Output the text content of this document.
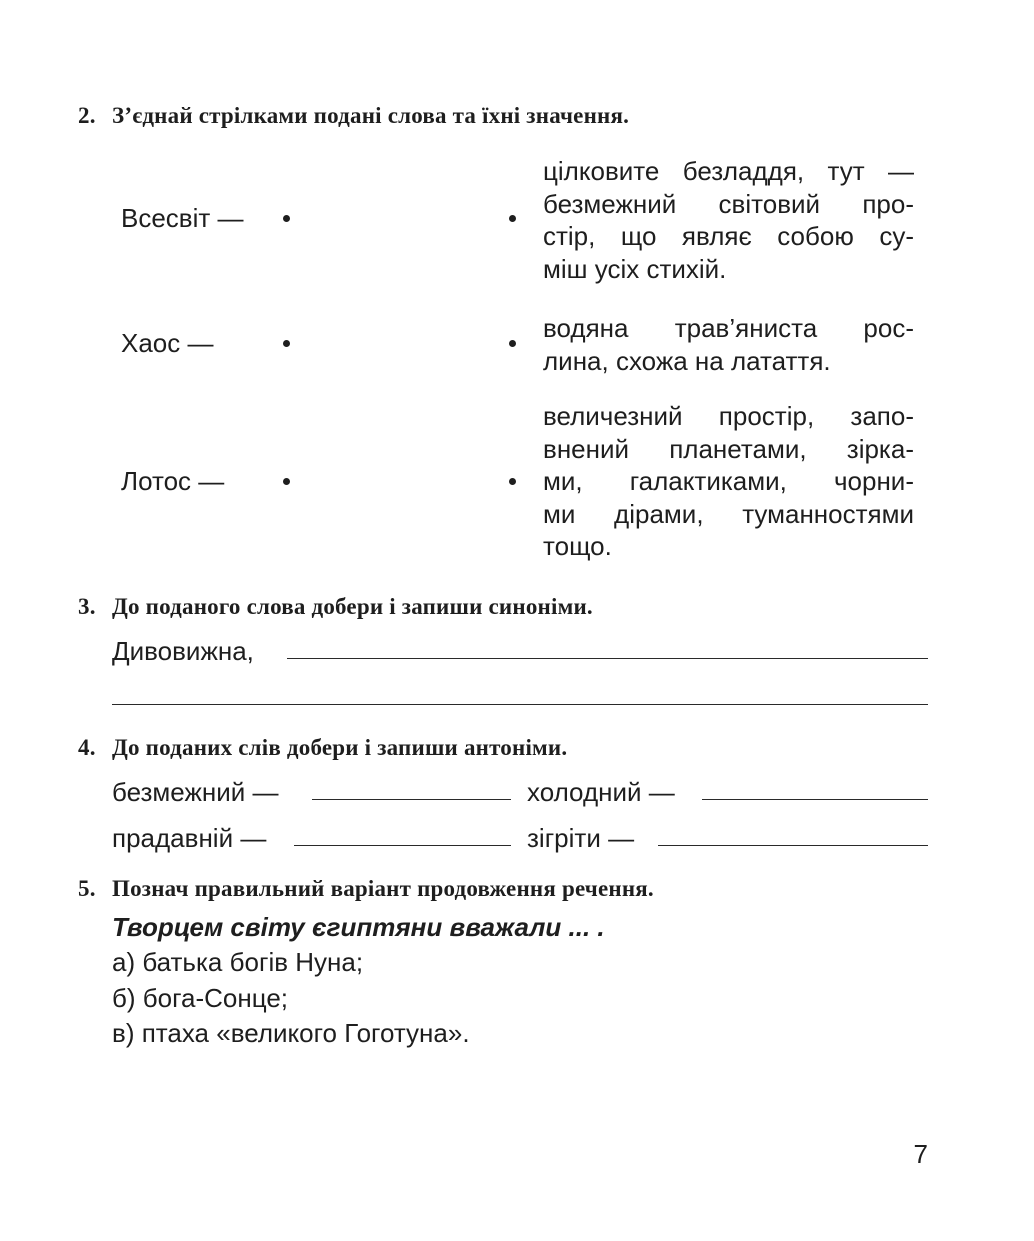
2. З’єднай стрілками подані слова та їхні значення.
Всесвіт —
Хаос —
Лотос —
цілковите безладдя, тут —
безмежний світовий про-
стір, що являє собою су-
міш усіх стихій.
водяна трав’яниста рос-
лина, схожа на латаття.
величезний простір, запо-
внений планетами, зірка-
ми, галактиками, чорни-
ми дірами, туманностями
тощо.
3. До поданого слова добери і запиши синоніми.
Дивовижна,
4. До поданих слів добери і запиши антоніми.
безмежний —	холодний —
прадавній —	зігріти —
5. Познач правильний варіант продовження речення.
Творцем світу єгиптяни вважали ... .
а) батька богів Нуна;
б) бога-Сонце;
в) птаха «великого Гоготуна».
7
